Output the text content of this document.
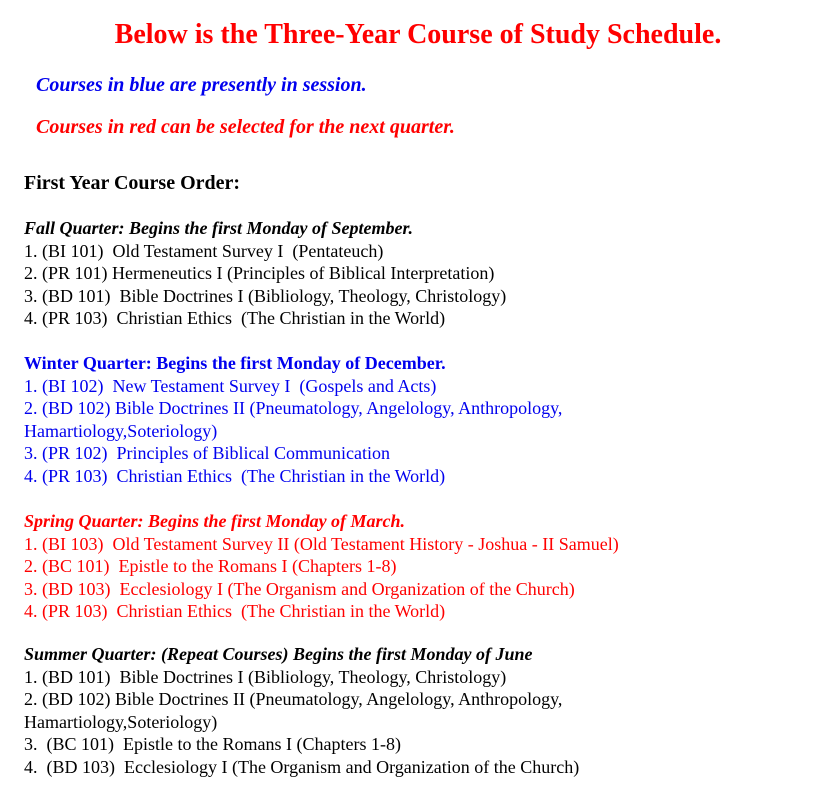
Below is the Three-Year Course of Study Schedule.
Courses in blue are presently in session.
Courses in red can be selected for the next quarter.
First Year Course Order:
Fall Quarter: Begins the first Monday of September.
1. (BI 101)  Old Testament Survey I  (Pentateuch)
2. (PR 101) Hermeneutics I (Principles of Biblical Interpretation)
3. (BD 101)  Bible Doctrines I (Bibliology, Theology, Christology)
4. (PR 103)  Christian Ethics  (The Christian in the World)
Winter Quarter: Begins the first Monday of December.
1. (BI 102)  New Testament Survey I  (Gospels and Acts)
2. (BD 102) Bible Doctrines II (Pneumatology, Angelology, Anthropology, Hamartiology,Soteriology)
3. (PR 102)  Principles of Biblical Communication
4. (PR 103)  Christian Ethics  (The Christian in the World)
Spring Quarter: Begins the first Monday of March.
1. (BI 103)  Old Testament Survey II (Old Testament History - Joshua - II Samuel)
2. (BC 101)  Epistle to the Romans I (Chapters 1-8)
3. (BD 103)  Ecclesiology I (The Organism and Organization of the Church)
4. (PR 103)  Christian Ethics  (The Christian in the World)
Summer Quarter: (Repeat Courses) Begins the first Monday of June
1. (BD 101)  Bible Doctrines I (Bibliology, Theology, Christology)
2. (BD 102) Bible Doctrines II (Pneumatology, Angelology, Anthropology, Hamartiology,Soteriology)
3.  (BC 101)  Epistle to the Romans I (Chapters 1-8)
4.  (BD 103)  Ecclesiology I (The Organism and Organization of the Church)
